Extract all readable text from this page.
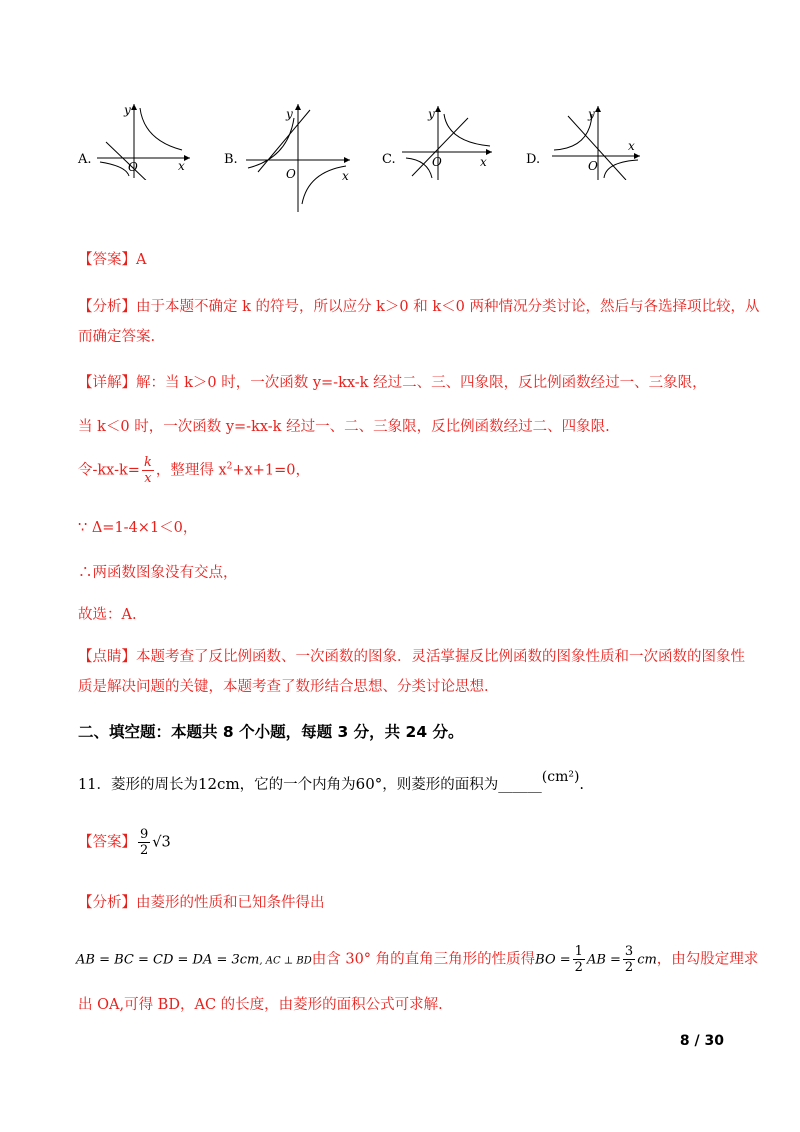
A.
y
x
O	B.
y
x
O
C.
y
x
O	D.
y
x
O
【答案】A
【分析】由于本题不确定 k 的符号，所以应分 k＞0 和 k＜0 两种情况分类讨论，然后与各选择项比较，从
而确定答案.
【详解】解：当 k＞0 时，一次函数 y=-kx-k 经过二、三、四象限，反比例函数经过一、三象限，
当 k＜0 时，一次函数 y=-kx-k 经过一、二、三象限，反比例函数经过二、四象限.
令$-kx-k= \frac{k}{x}$ ，整理得 $x^2+x+1=0$，
∵ Δ=1-4×1＜0，
∴两函数图象没有交点，
故选：A.
【点睛】本题考查了反比例函数、一次函数的图象．灵活掌握反比例函数的图象性质和一次函数的图象性
质是解决问题的关键，本题考查了数形结合思想、分类讨论思想.
二、填空题：本题共 8 个小题，每题 3 分，共 24 分。
11．菱形的周长为12cm，它的一个内角为60°，则菱形的面积为______(cm²).
【答案】 $\frac{9}{2} √3$
【分析】由菱形的性质和已知条件得出
AB = BC = CD = DA = 3cm, AC ⊥ BD由含 30° 角的直角三角形的性质得BO = $\frac{1}{2}$ AB = $\frac{3}{2}$ cm，由勾股定理求
出 OA,可得 BD，AC 的长度，由菱形的面积公式可求解.
8 / 30
